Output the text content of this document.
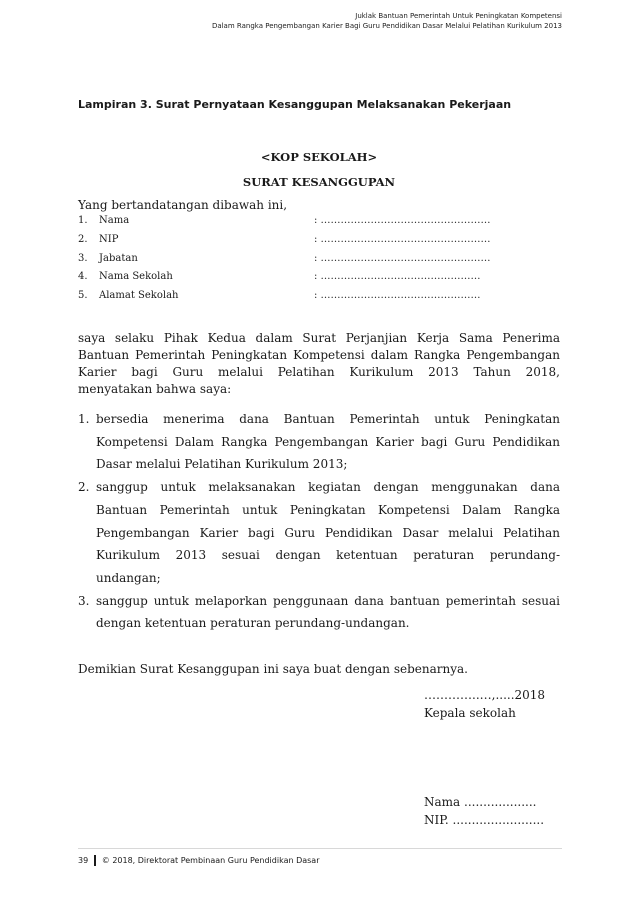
Juklak Bantuan Pemerintah Untuk Peningkatan Kompetensi
Dalam Rangka Pengembangan Karier Bagi Guru Pendidikan Dasar Melalui Pelatihan Kurikulum 2013
Lampiran 3. Surat Pernyataan Kesanggupan Melaksanakan Pekerjaan
<KOP SEKOLAH>
SURAT KESANGGUPAN
Yang bertandatangan dibawah ini,
1. Nama	: ……………………………………………
2. NIP	: ……………………………………………
3. Jabatan	: ……………………………………………
4. Nama Sekolah	: …………………………………………
5. Alamat Sekolah	: …………………………………………
saya selaku Pihak Kedua dalam Surat Perjanjian Kerja Sama Penerima
Bantuan Pemerintah Peningkatan Kompetensi dalam Rangka Pengembangan
Karier bagi Guru melalui Pelatihan Kurikulum 2013 Tahun 2018,
menyatakan bahwa saya:
1. bersedia menerima dana Bantuan Pemerintah untuk Peningkatan
Kompetensi Dalam Rangka Pengembangan Karier bagi Guru Pendidikan
Dasar melalui Pelatihan Kurikulum 2013;
2. sanggup untuk melaksanakan kegiatan dengan menggunakan dana
Bantuan Pemerintah untuk Peningkatan Kompetensi Dalam Rangka
Pengembangan Karier bagi Guru Pendidikan Dasar melalui Pelatihan
Kurikulum 2013 sesuai dengan ketentuan peraturan perundang-
undangan;
3. sanggup untuk melaporkan penggunaan dana bantuan pemerintah sesuai
dengan ketentuan peraturan perundang-undangan.
Demikian Surat Kesanggupan ini saya buat dengan sebenarnya.
…………..…,.....2018
Kepala sekolah
Nama ...................
NIP. ........................
39 © 2018, Direktorat Pembinaan Guru Pendidikan Dasar
